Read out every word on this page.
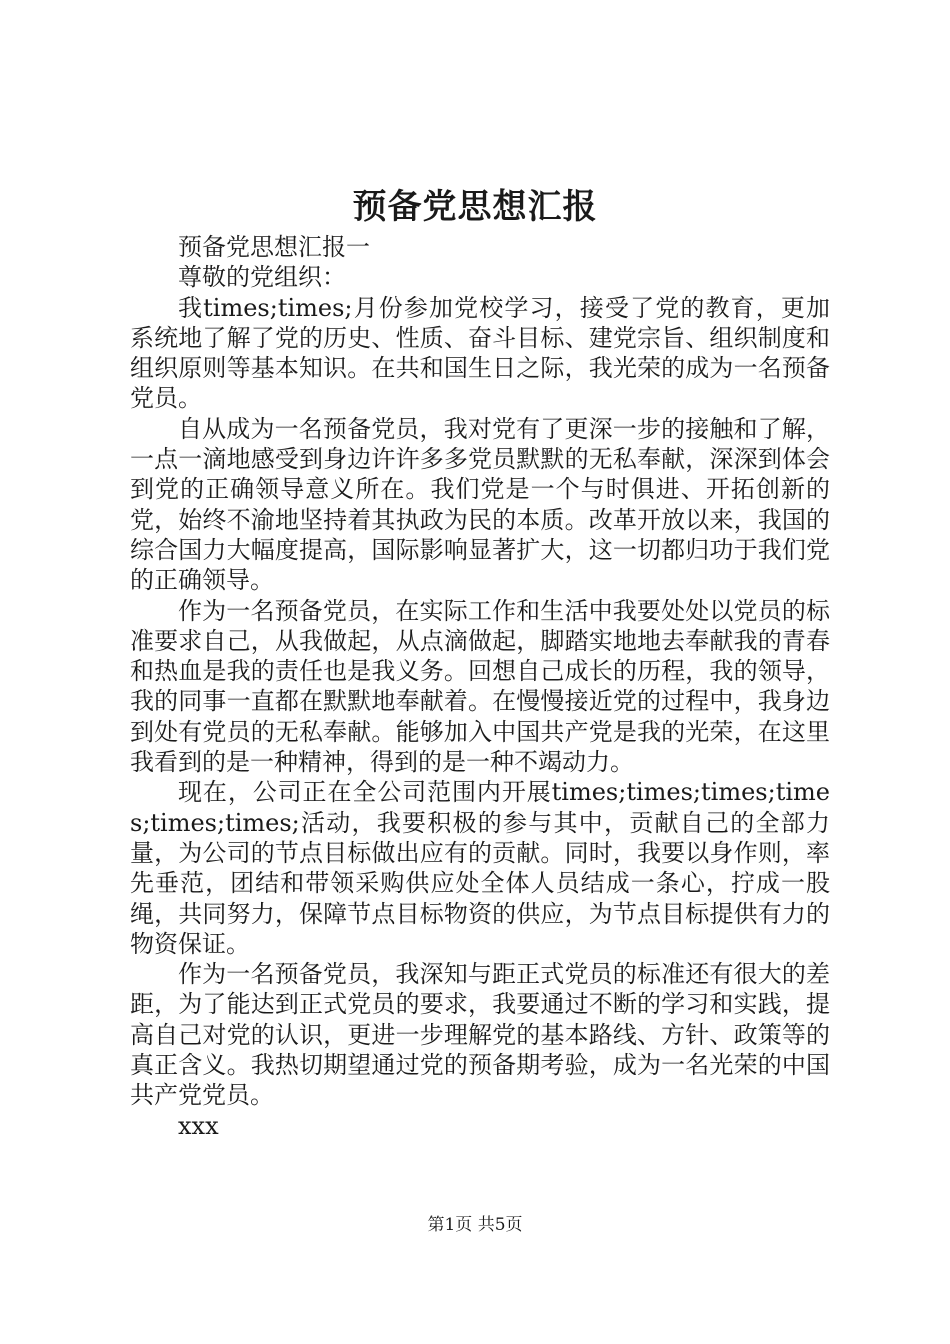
预备党思想汇报

预备党思想汇报一

尊敬的党组织：

我times;times;月份参加党校学习，接受了党的教育，更加系统地了解了党的历史、性质、奋斗目标、建党宗旨、组织制度和组织原则等基本知识。在共和国生日之际，我光荣的成为一名预备党员。

自从成为一名预备党员，我对党有了更深一步的接触和了解，一点一滴地感受到身边许许多多党员默默的无私奉献，深深到体会到党的正确领导意义所在。我们党是一个与时俱进、开拓创新的党，始终不渝地坚持着其执政为民的本质。改革开放以来，我国的综合国力大幅度提高，国际影响显著扩大，这一切都归功于我们党的正确领导。

作为一名预备党员，在实际工作和生活中我要处处以党员的标准要求自己，从我做起，从点滴做起，脚踏实地地去奉献我的青春和热血是我的责任也是我义务。回想自己成长的历程，我的领导，我的同事一直都在默默地奉献着。在慢慢接近党的过程中，我身边到处有党员的无私奉献。能够加入中国共产党是我的光荣，在这里我看到的是一种精神，得到的是一种不竭动力。

现在，公司正在全公司范围内开展times;times;times;times;times;times;活动，我要积极的参与其中，贡献自己的全部力量，为公司的节点目标做出应有的贡献。同时，我要以身作则，率先垂范，团结和带领采购供应处全体人员结成一条心，拧成一股绳，共同努力，保障节点目标物资的供应，为节点目标提供有力的物资保证。

作为一名预备党员，我深知与距正式党员的标准还有很大的差距，为了能达到正式党员的要求，我要通过不断的学习和实践，提高自己对党的认识，更进一步理解党的基本路线、方针、政策等的真正含义。我热切期望通过党的预备期考验，成为一名光荣的中国共产党党员。

xxx

第1页 共5页
